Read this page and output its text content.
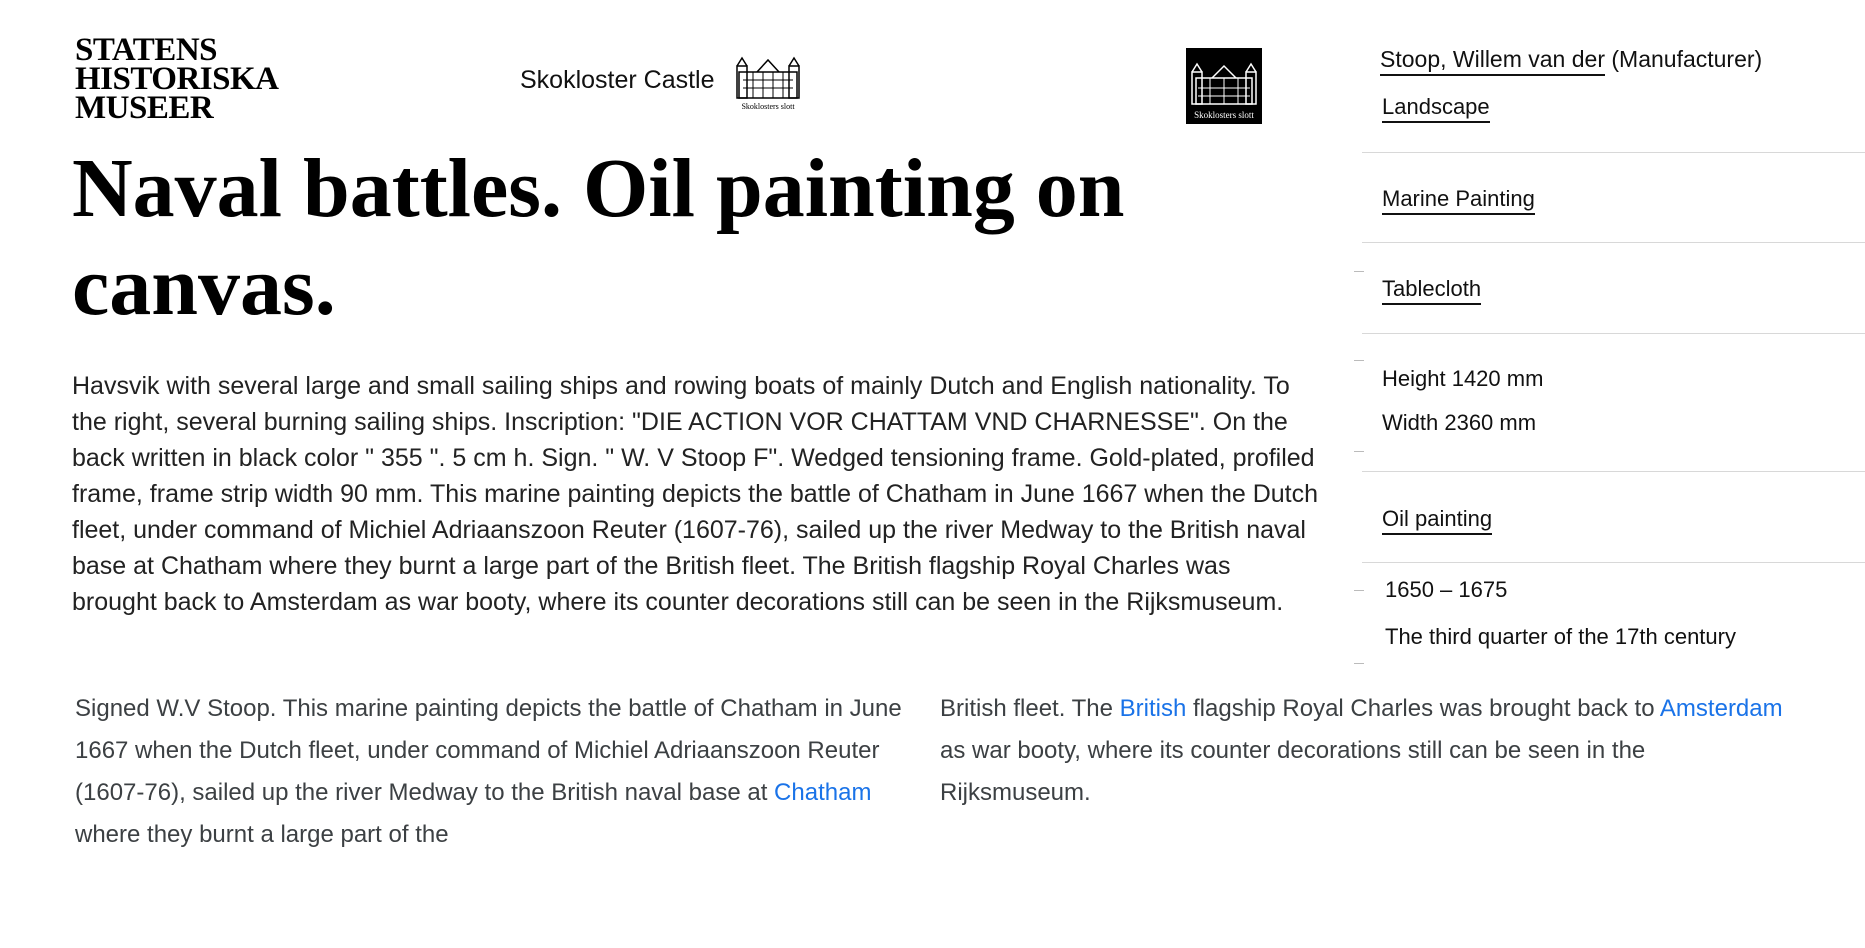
STATENS
HISTORISKA
MUSEER
Skokloster Castle
Skoklosters slott
Skoklosters slott
Naval battles. Oil painting on canvas.

Havsvik with several large and small sailing ships and rowing boats of mainly Dutch and English nationality. To the right, several burning sailing ships. Inscription: "DIE ACTION VOR CHATTAM VND CHARNESSE". On the back written in black color " 355 ". 5 cm h. Sign. " W. V Stoop F". Wedged tensioning frame. Gold-plated, profiled frame, frame strip width 90 mm. This marine painting depicts the battle of Chatham in June 1667 when the Dutch fleet, under command of Michiel Adriaanszoon Reuter (1607-76), sailed up the river Medway to the British naval base at Chatham where they burnt a large part of the British fleet. The British flagship Royal Charles was brought back to Amsterdam as war booty, where its counter decorations still can be seen in the Rijksmuseum.

Signed W.V Stoop. This marine painting depicts the battle of Chatham in June 1667 when the Dutch fleet, under command of Michiel Adriaanszoon Reuter (1607-76), sailed up the river Medway to the British naval base at Chatham where they burnt a large part of the

British fleet. The British flagship Royal Charles was brought back to Amsterdam as war booty, where its counter decorations still can be seen in the Rijksmuseum.

Stoop, Willem van der (Manufacturer)
Landscape
Marine Painting
Tablecloth
Height 1420 mm
Width 2360 mm
Oil painting
1650 – 1675
The third quarter of the 17th century
